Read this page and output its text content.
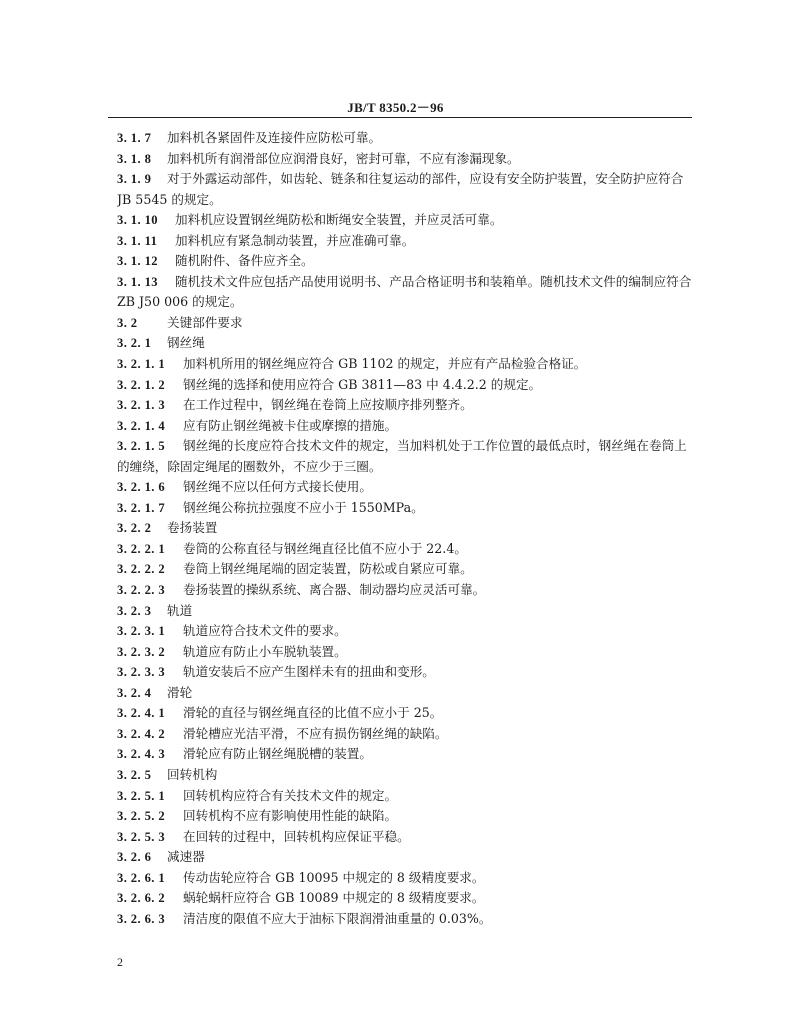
JB/T 8350.2－96
3. 1. 7 加料机各紧固件及连接件应防松可靠。
3. 1. 8 加料机所有润滑部位应润滑良好，密封可靠，不应有渗漏现象。
3. 1. 9 对于外露运动部件，如齿轮、链条和往复运动的部件，应设有安全防护装置，安全防护应符合
JB 5545 的规定。
3. 1. 10 加料机应设置钢丝绳防松和断绳安全装置，并应灵活可靠。
3. 1. 11 加料机应有紧急制动装置，并应准确可靠。
3. 1. 12 随机附件、备件应齐全。
3. 1. 13 随机技术文件应包括产品使用说明书、产品合格证明书和装箱单。随机技术文件的编制应符合
ZB J50 006 的规定。
3. 2 关键部件要求
3. 2. 1 钢丝绳
3. 2. 1. 1 加料机所用的钢丝绳应符合 GB 1102 的规定，并应有产品检验合格证。
3. 2. 1. 2 钢丝绳的选择和使用应符合 GB 3811—83 中 4.4.2.2 的规定。
3. 2. 1. 3 在工作过程中，钢丝绳在卷筒上应按顺序排列整齐。
3. 2. 1. 4 应有防止钢丝绳被卡住或摩擦的措施。
3. 2. 1. 5 钢丝绳的长度应符合技术文件的规定，当加料机处于工作位置的最低点时，钢丝绳在卷筒上
的缠绕，除固定绳尾的圈数外，不应少于三圈。
3. 2. 1. 6 钢丝绳不应以任何方式接长使用。
3. 2. 1. 7 钢丝绳公称抗拉强度不应小于 1550MPa。
3. 2. 2 卷扬装置
3. 2. 2. 1 卷筒的公称直径与钢丝绳直径比值不应小于 22.4。
3. 2. 2. 2 卷筒上钢丝绳尾端的固定装置，防松或自紧应可靠。
3. 2. 2. 3 卷扬装置的操纵系统、离合器、制动器均应灵活可靠。
3. 2. 3 轨道
3. 2. 3. 1 轨道应符合技术文件的要求。
3. 2. 3. 2 轨道应有防止小车脱轨装置。
3. 2. 3. 3 轨道安装后不应产生图样未有的扭曲和变形。
3. 2. 4 滑轮
3. 2. 4. 1 滑轮的直径与钢丝绳直径的比值不应小于 25。
3. 2. 4. 2 滑轮槽应光洁平滑，不应有损伤钢丝绳的缺陷。
3. 2. 4. 3 滑轮应有防止钢丝绳脱槽的装置。
3. 2. 5 回转机构
3. 2. 5. 1 回转机构应符合有关技术文件的规定。
3. 2. 5. 2 回转机构不应有影响使用性能的缺陷。
3. 2. 5. 3 在回转的过程中，回转机构应保证平稳。
3. 2. 6 减速器
3. 2. 6. 1 传动齿轮应符合 GB 10095 中规定的 8 级精度要求。
3. 2. 6. 2 蜗轮蜗杆应符合 GB 10089 中规定的 8 级精度要求。
3. 2. 6. 3 清洁度的限值不应大于油标下限润滑油重量的 0.03%。
2
